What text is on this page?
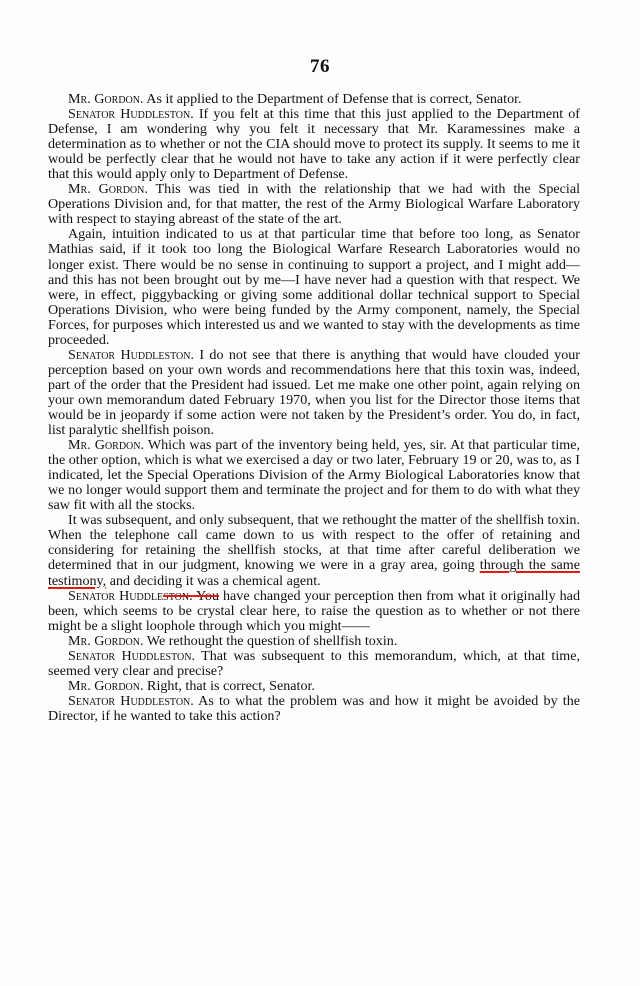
76

Mr. Gordon. As it applied to the Department of Defense that is correct, Senator.

Senator Huddleston. If you felt at this time that this just applied to the Department of Defense, I am wondering why you felt it necessary that Mr. Karamessines make a determination as to whether or not the CIA should move to protect its supply. It seems to me it would be perfectly clear that he would not have to take any action if it were perfectly clear that this would apply only to Department of Defense.

Mr. Gordon. This was tied in with the relationship that we had with the Special Operations Division and, for that matter, the rest of the Army Biological Warfare Laboratory with respect to staying abreast of the state of the art.

Again, intuition indicated to us at that particular time that before too long, as Senator Mathias said, if it took too long the Biological Warfare Research Laboratories would no longer exist. There would be no sense in continuing to support a project, and I might add—and this has not been brought out by me—I have never had a question with that respect. We were, in effect, piggybacking or giving some additional dollar technical support to Special Operations Division, who were being funded by the Army component, namely, the Special Forces, for purposes which interested us and we wanted to stay with the developments as time proceeded.

Senator Huddleston. I do not see that there is anything that would have clouded your perception based on your own words and recommendations here that this toxin was, indeed, part of the order that the President had issued. Let me make one other point, again relying on your own memorandum dated February 1970, when you list for the Director those items that would be in jeopardy if some action were not taken by the President’s order. You do, in fact, list paralytic shellfish poison.

Mr. Gordon. Which was part of the inventory being held, yes, sir. At that particular time, the other option, which is what we exercised a day or two later, February 19 or 20, was to, as I indicated, let the Special Operations Division of the Army Biological Laboratories know that we no longer would support them and terminate the project and for them to do with what they saw fit with all the stocks.

It was subsequent, and only subsequent, that we rethought the matter of the shellfish toxin. When the telephone call came down to us with respect to the offer of retaining and considering for retaining the shellfish stocks, at that time after careful deliberation we determined that in our judgment, knowing we were in a gray area, going through the same testimony, and deciding it was a chemical agent.

Senator Huddleston. You have changed your perception then from what it originally had been, which seems to be crystal clear here, to raise the question as to whether or not there might be a slight loophole through which you might——

Mr. Gordon. We rethought the question of shellfish toxin.

Senator Huddleston. That was subsequent to this memorandum, which, at that time, seemed very clear and precise?

Mr. Gordon. Right, that is correct, Senator.

Senator Huddleston. As to what the problem was and how it might be avoided by the Director, if he wanted to take this action?
